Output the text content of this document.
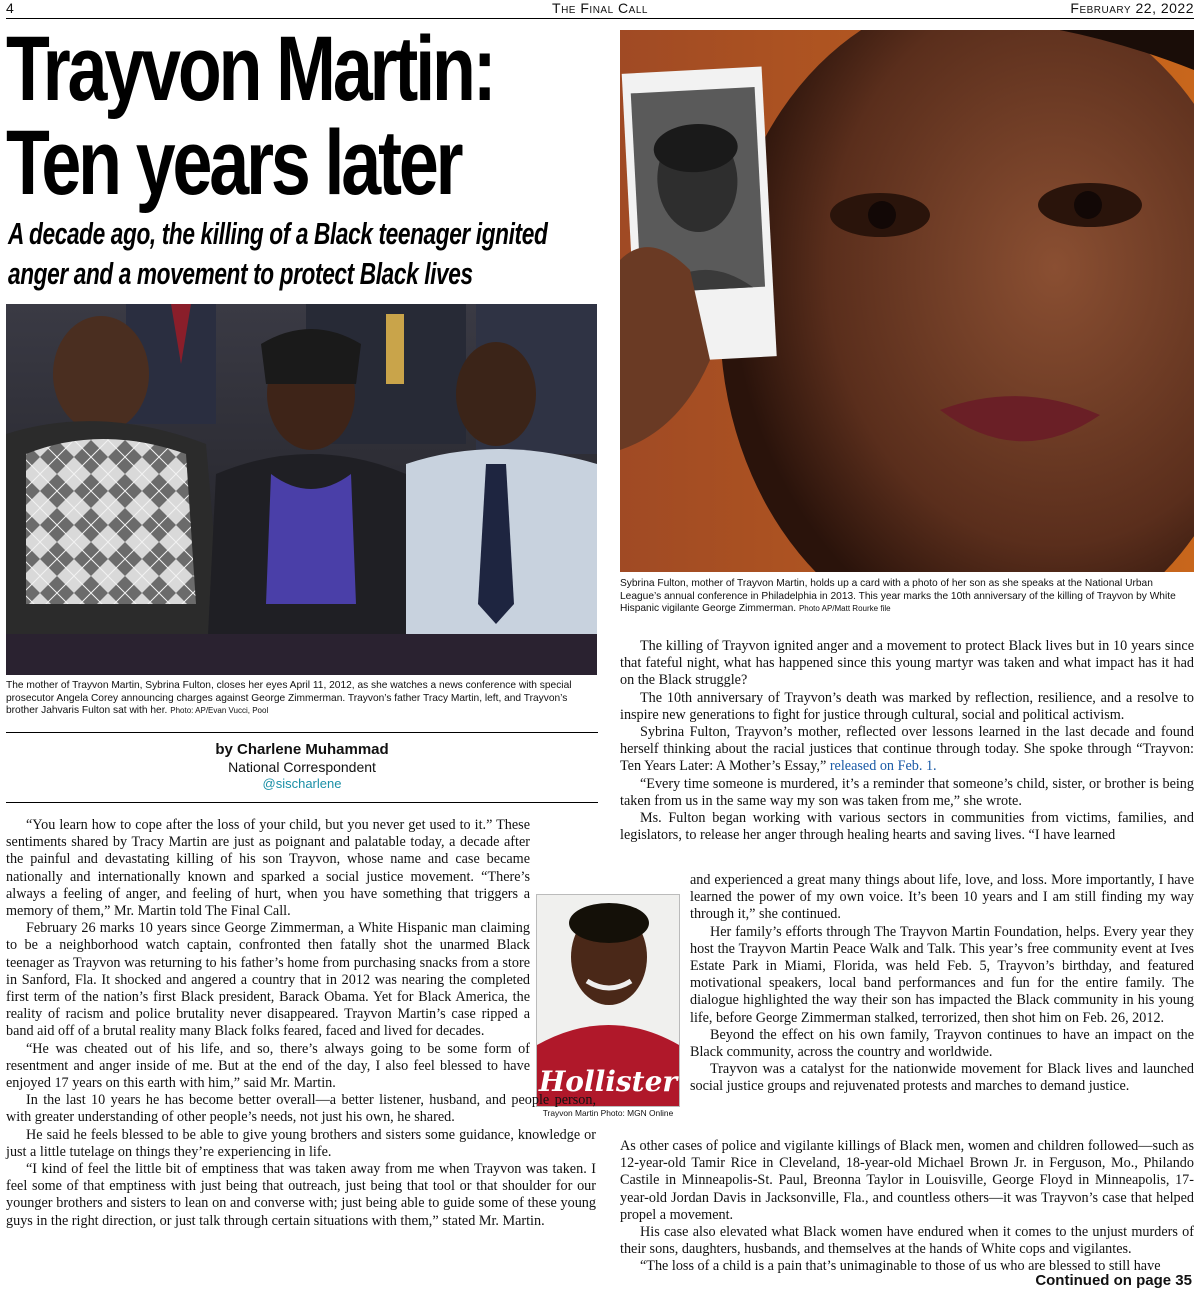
4	The Final Call	February 22, 2022
Trayvon Martin:
Ten years later
A decade ago, the killing of a Black teenager ignited anger and a movement to protect Black lives
The mother of Trayvon Martin, Sybrina Fulton, closes her eyes April 11, 2012, as she watches a news conference with special prosecutor Angela Corey announcing charges against George Zimmerman. Trayvon’s father Tracy Martin, left, and Trayvon’s brother Jahvaris Fulton sat with her. Photo: AP/Evan Vucci, Pool
Sybrina Fulton, mother of Trayvon Martin, holds up a card with a photo of her son as she speaks at the National Urban League’s annual conference in Philadelphia in 2013. This year marks the 10th anniversary of the killing of Trayvon by White Hispanic vigilante George Zimmerman. Photo AP/Matt Rourke file
Hollister
Trayvon Martin Photo: MGN Online
by Charlene Muhammad
National Correspondent
@sischarlene

“You learn how to cope after the loss of your child, but you never get used to it.” These sentiments shared by Tracy Martin are just as poignant and palatable today, a decade after the painful and devastating killing of his son Trayvon, whose name and case became nationally and internationally known and sparked a social justice movement. “There’s always a feeling of anger, and feeling of hurt, when you have something that triggers a memory of them,” Mr. Martin told The Final Call.

February 26 marks 10 years since George Zimmerman, a White Hispanic man claiming to be a neighborhood watch captain, confronted then fatally shot the unarmed Black teenager as Trayvon was returning to his father’s home from purchasing snacks from a store in Sanford, Fla. It shocked and angered a country that in 2012 was nearing the completed first term of the nation’s first Black president, Barack Obama. Yet for Black America, the reality of racism and police brutality never disappeared. Trayvon Martin’s case ripped a band aid off of a brutal reality many Black folks feared, faced and lived for decades.

“He was cheated out of his life, and so, there’s always going to be some form of resentment and anger inside of me. But at the end of the day, I also feel blessed to have enjoyed 17 years on this earth with him,” said Mr. Martin.

In the last 10 years he has become better overall—a better listener, husband, and people person, with greater understanding of other people’s needs, not just his own, he shared.

He said he feels blessed to be able to give young brothers and sisters some guidance, knowledge or just a little tutelage on things they’re experiencing in life.

“I kind of feel the little bit of emptiness that was taken away from me when Trayvon was taken. I feel some of that emptiness with just being that outreach, just being that tool or that shoulder for our younger brothers and sisters to lean on and converse with; just being able to guide some of these young guys in the right direction, or just talk through certain situations with them,” stated Mr. Martin.

The killing of Trayvon ignited anger and a movement to protect Black lives but in 10 years since that fateful night, what has happened since this young martyr was taken and what impact has it had on the Black struggle?

The 10th anniversary of Trayvon’s death was marked by reflection, resilience, and a resolve to inspire new generations to fight for justice through cultural, social and political activism.

Sybrina Fulton, Trayvon’s mother, reflected over lessons learned in the last decade and found herself thinking about the racial justices that continue through today. She spoke through “Trayvon: Ten Years Later: A Mother’s Essay,” released on Feb. 1.

“Every time someone is murdered, it’s a reminder that someone’s child, sister, or brother is being taken from us in the same way my son was taken from me,” she wrote.

Ms. Fulton began working with various sectors in communities from victims, families, and legislators, to release her anger through healing hearts and saving lives. “I have learned

and experienced a great many things about life, love, and loss. More importantly, I have learned the power of my own voice. It’s been 10 years and I am still finding my way through it,” she continued.

Her family’s efforts through The Trayvon Martin Foundation, helps. Every year they host the Trayvon Martin Peace Walk and Talk. This year’s free community event at Ives Estate Park in Miami, Florida, was held Feb. 5, Trayvon’s birthday, and featured motivational speakers, local band performances and fun for the entire family. The dialogue highlighted the way their son has impacted the Black community in his young life, before George Zimmerman stalked, terrorized, then shot him on Feb. 26, 2012.

Beyond the effect on his own family, Trayvon continues to have an impact on the Black community, across the country and worldwide.

Trayvon was a catalyst for the nationwide movement for Black lives and launched social justice groups and rejuvenated protests and marches to demand justice.

As other cases of police and vigilante killings of Black men, women and children followed—such as 12-year-old Tamir Rice in Cleveland, 18-year-old Michael Brown Jr. in Ferguson, Mo., Philando Castile in Minneapolis-St. Paul, Breonna Taylor in Louisville, George Floyd in Minneapolis, 17-year-old Jordan Davis in Jacksonville, Fla., and countless others—it was Trayvon’s case that helped propel a movement.

His case also elevated what Black women have endured when it comes to the unjust murders of their sons, daughters, husbands, and themselves at the hands of White cops and vigilantes.

“The loss of a child is a pain that’s unimaginable to those of us who are blessed to still have

Continued on page 35
